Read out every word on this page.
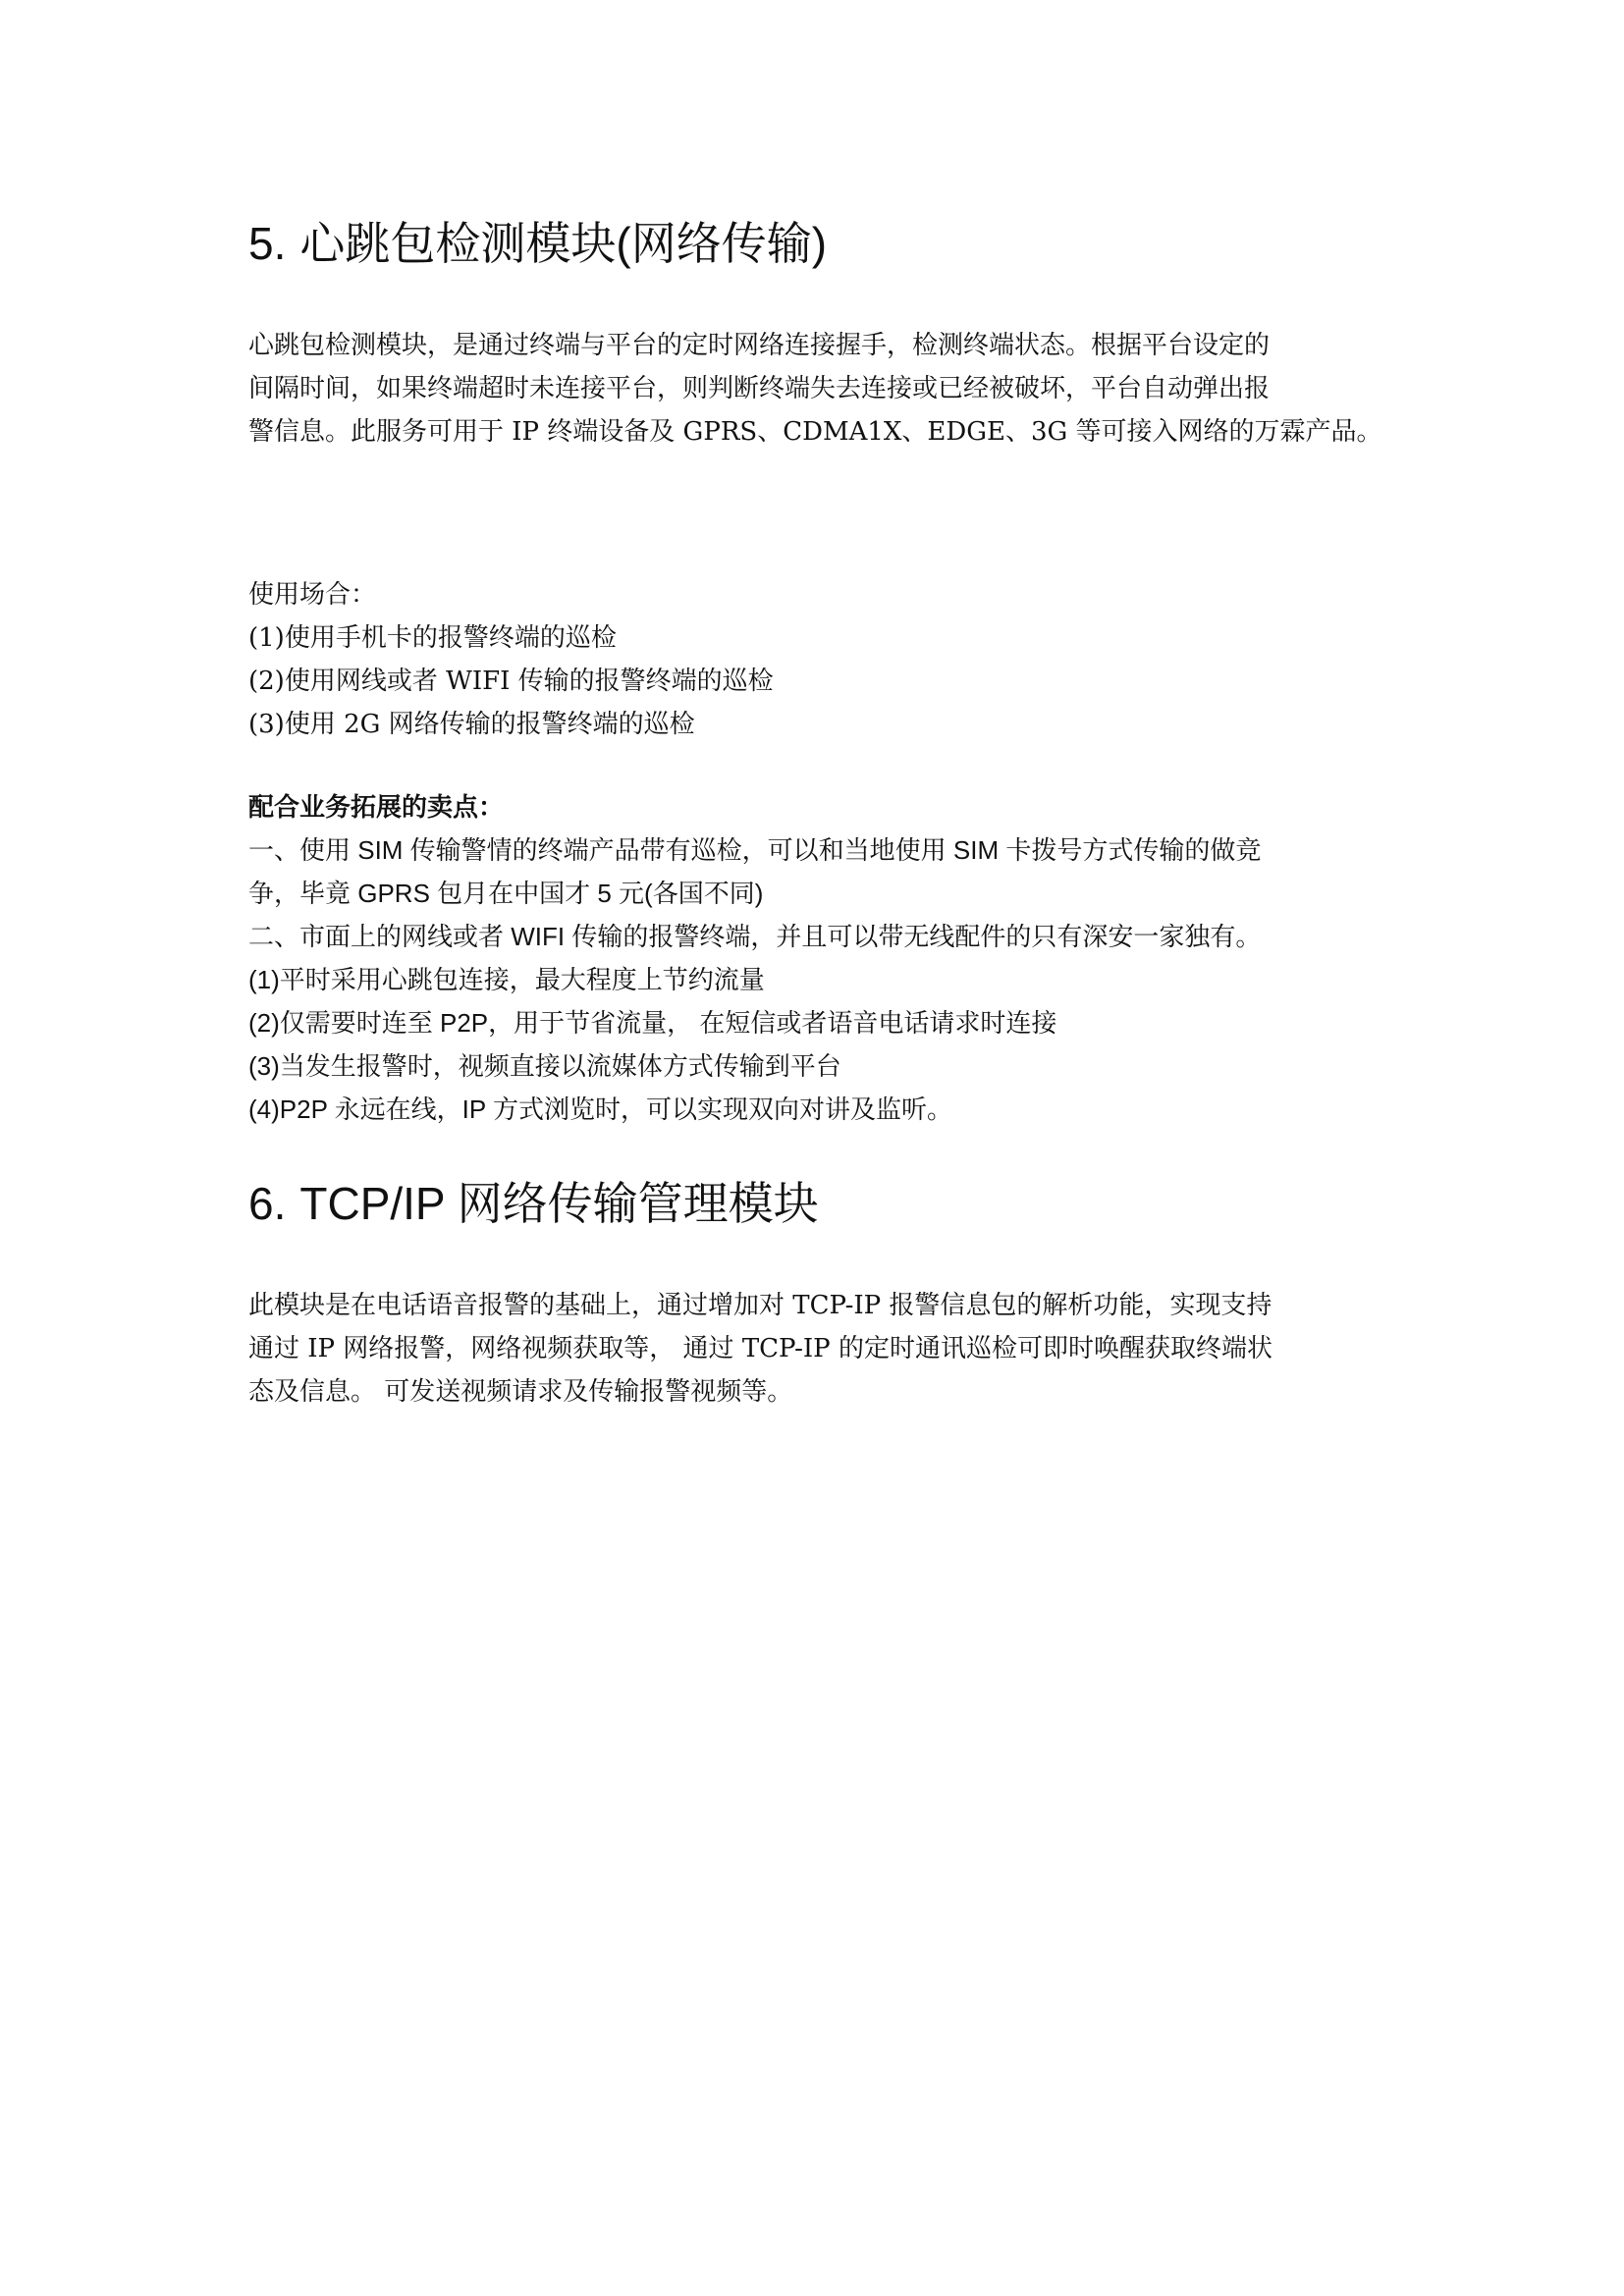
5. 心跳包检测模块(网络传输)

心跳包检测模块，是通过终端与平台的定时网络连接握手，检测终端状态。根据平台设定的
间隔时间，如果终端超时未连接平台，则判断终端失去连接或已经被破坏，平台自动弹出报
警信息。此服务可用于 IP 终端设备及 GPRS、CDMA1X、EDGE、3G 等可接入网络的万霖产品。

使用场合：
(1)使用手机卡的报警终端的巡检
(2)使用网线或者 WIFI 传输的报警终端的巡检
(3)使用 2G 网络传输的报警终端的巡检

配合业务拓展的卖点：
一、使用 SIM 传输警情的终端产品带有巡检，可以和当地使用 SIM 卡拨号方式传输的做竞
争，毕竟 GPRS 包月在中国才 5 元(各国不同)
二、市面上的网线或者 WIFI 传输的报警终端，并且可以带无线配件的只有深安一家独有。
(1)平时采用心跳包连接，最大程度上节约流量
(2)仅需要时连至 P2P，用于节省流量， 在短信或者语音电话请求时连接
(3)当发生报警时，视频直接以流媒体方式传输到平台
(4)P2P 永远在线，IP 方式浏览时，可以实现双向对讲及监听。

6. TCP/IP 网络传输管理模块

此模块是在电话语音报警的基础上，通过增加对 TCP-IP 报警信息包的解析功能，实现支持
通过 IP 网络报警，网络视频获取等， 通过 TCP-IP 的定时通讯巡检可即时唤醒获取终端状
态及信息。 可发送视频请求及传输报警视频等。
